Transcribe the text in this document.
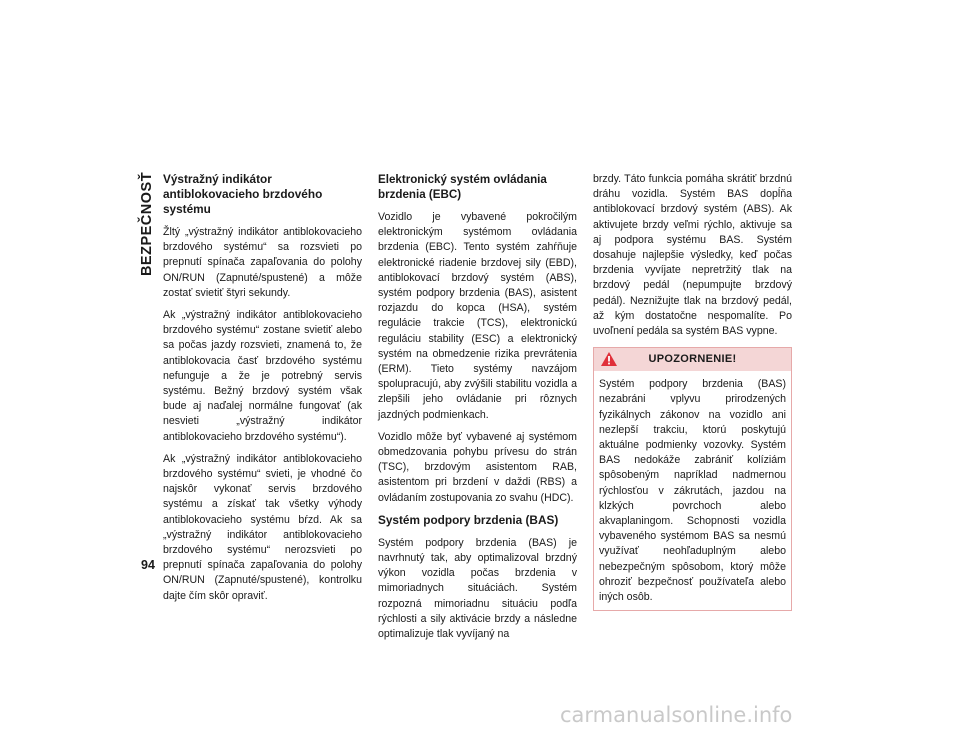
BEZPEČNOSŤ Výstražný indikátor antiblokovacieho brzdového systému

Žltý „výstražný indikátor antiblokovacieho brzdového systému“ sa rozsvieti po prepnutí spínača zapaľovania do polohy ON/RUN (Zapnuté/spustené) a môže zostať svietiť štyri sekundy.

Ak „výstražný indikátor antiblokovacieho brzdového systému“ zostane svietiť alebo sa počas jazdy rozsvieti, znamená to, že antiblokovacia časť brzdového systému nefunguje a že je potrebný servis systému. Bežný brzdový systém však bude aj naďalej normálne fungovať (ak nesvieti „výstražný indikátor antiblokovacieho brzdového systému“).

Ak „výstražný indikátor antiblokovacieho brzdového systému“ svieti, je vhodné čo najskôr vykonať servis brzdového systému a získať tak všetky výhody antiblokovacieho systému bŕzd. Ak sa „výstražný indikátor antiblokovacieho brzdového systému“ nerozsvieti po prepnutí spínača zapaľovania do polohy ON/RUN (Zapnuté/spustené), kontrolku dajte čím skôr opraviť.

Elektronický systém ovládania brzdenia (EBC)

Vozidlo je vybavené pokročilým elektronickým systémom ovládania brzdenia (EBC). Tento systém zahŕňuje elektronické riadenie brzdovej sily (EBD), antiblokovací brzdový systém (ABS), systém podpory brzdenia (BAS), asistent rozjazdu do kopca (HSA), systém regulácie trakcie (TCS), elektronickú reguláciu stability (ESC) a elektronický systém na obmedzenie rizika prevrátenia (ERM). Tieto systémy navzájom spolupracujú, aby zvýšili stabilitu vozidla a zlepšili jeho ovládanie pri rôznych jazdných podmienkach.

Vozidlo môže byť vybavené aj systémom obmedzovania pohybu prívesu do strán (TSC), brzdovým asistentom RAB, asistentom pri brzdení v daždi (RBS) a ovládaním zostupovania zo svahu (HDC).

Systém podpory brzdenia (BAS)

Systém podpory brzdenia (BAS) je navrhnutý tak, aby optimalizoval brzdný výkon vozidla počas brzdenia v mimoriadnych situáciách. Systém rozpozná mimoriadnu situáciu podľa rýchlosti a sily aktivácie brzdy a následne optimalizuje tlak vyvíjaný na

brzdy. Táto funkcia pomáha skrátiť brzdnú dráhu vozidla. Systém BAS dopĺňa antiblokovací brzdový systém (ABS). Ak aktivujete brzdy veľmi rýchlo, aktivuje sa aj podpora systému BAS. Systém dosahuje najlepšie výsledky, keď počas brzdenia vyvíjate nepretržitý tlak na brzdový pedál (nepumpujte brzdový pedál). Neznižujte tlak na brzdový pedál, až kým dostatočne nespomalíte. Po uvoľnení pedála sa systém BAS vypne.

UPOZORNENIE!

Systém podpory brzdenia (BAS) nezabráni vplyvu prirodzených fyzikálnych zákonov na vozidlo ani nezlepší trakciu, ktorú poskytujú aktuálne podmienky vozovky. Systém BAS nedokáže zabrániť kolíziám spôsobeným napríklad nadmernou rýchlosťou v zákrutách, jazdou na klzkých povrchoch alebo akvaplaningom. Schopnosti vozidla vybaveného systémom BAS sa nesmú využívať neohľaduplným alebo nebezpečným spôsobom, ktorý môže ohroziť bezpečnosť používateľa alebo iných osôb.

94
carmanualsonline.info
